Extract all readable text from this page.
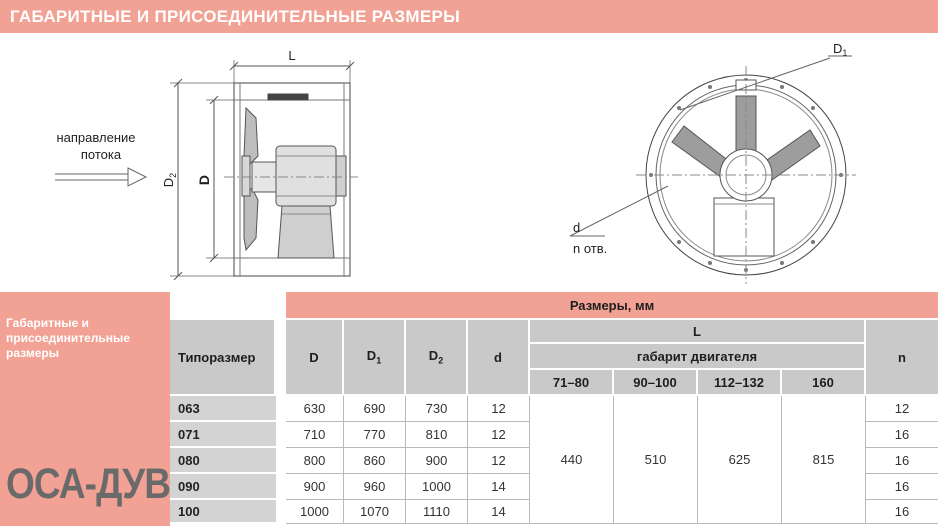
ГАБАРИТНЫЕ И ПРИСОЕДИНИТЕЛЬНЫЕ РАЗМЕРЫ
направление
потока
L
$D_2$ D
$D_1$
d
n отв.
Габаритные и присоединительные размеры
ОСА-ДУВ
		Размеры, мм								
Типоразмер		D	$D_1$	$D_2$	d	L				n
						габарит двигателя				
						71–80	90–100	112–132	160	
063		630	690	730	12	440	510	625	815	12
071		710	770	810	12					16
080		800	860	900	12					16
090		900	960	1000	14					16
100		1000	1070	1110	14					16
